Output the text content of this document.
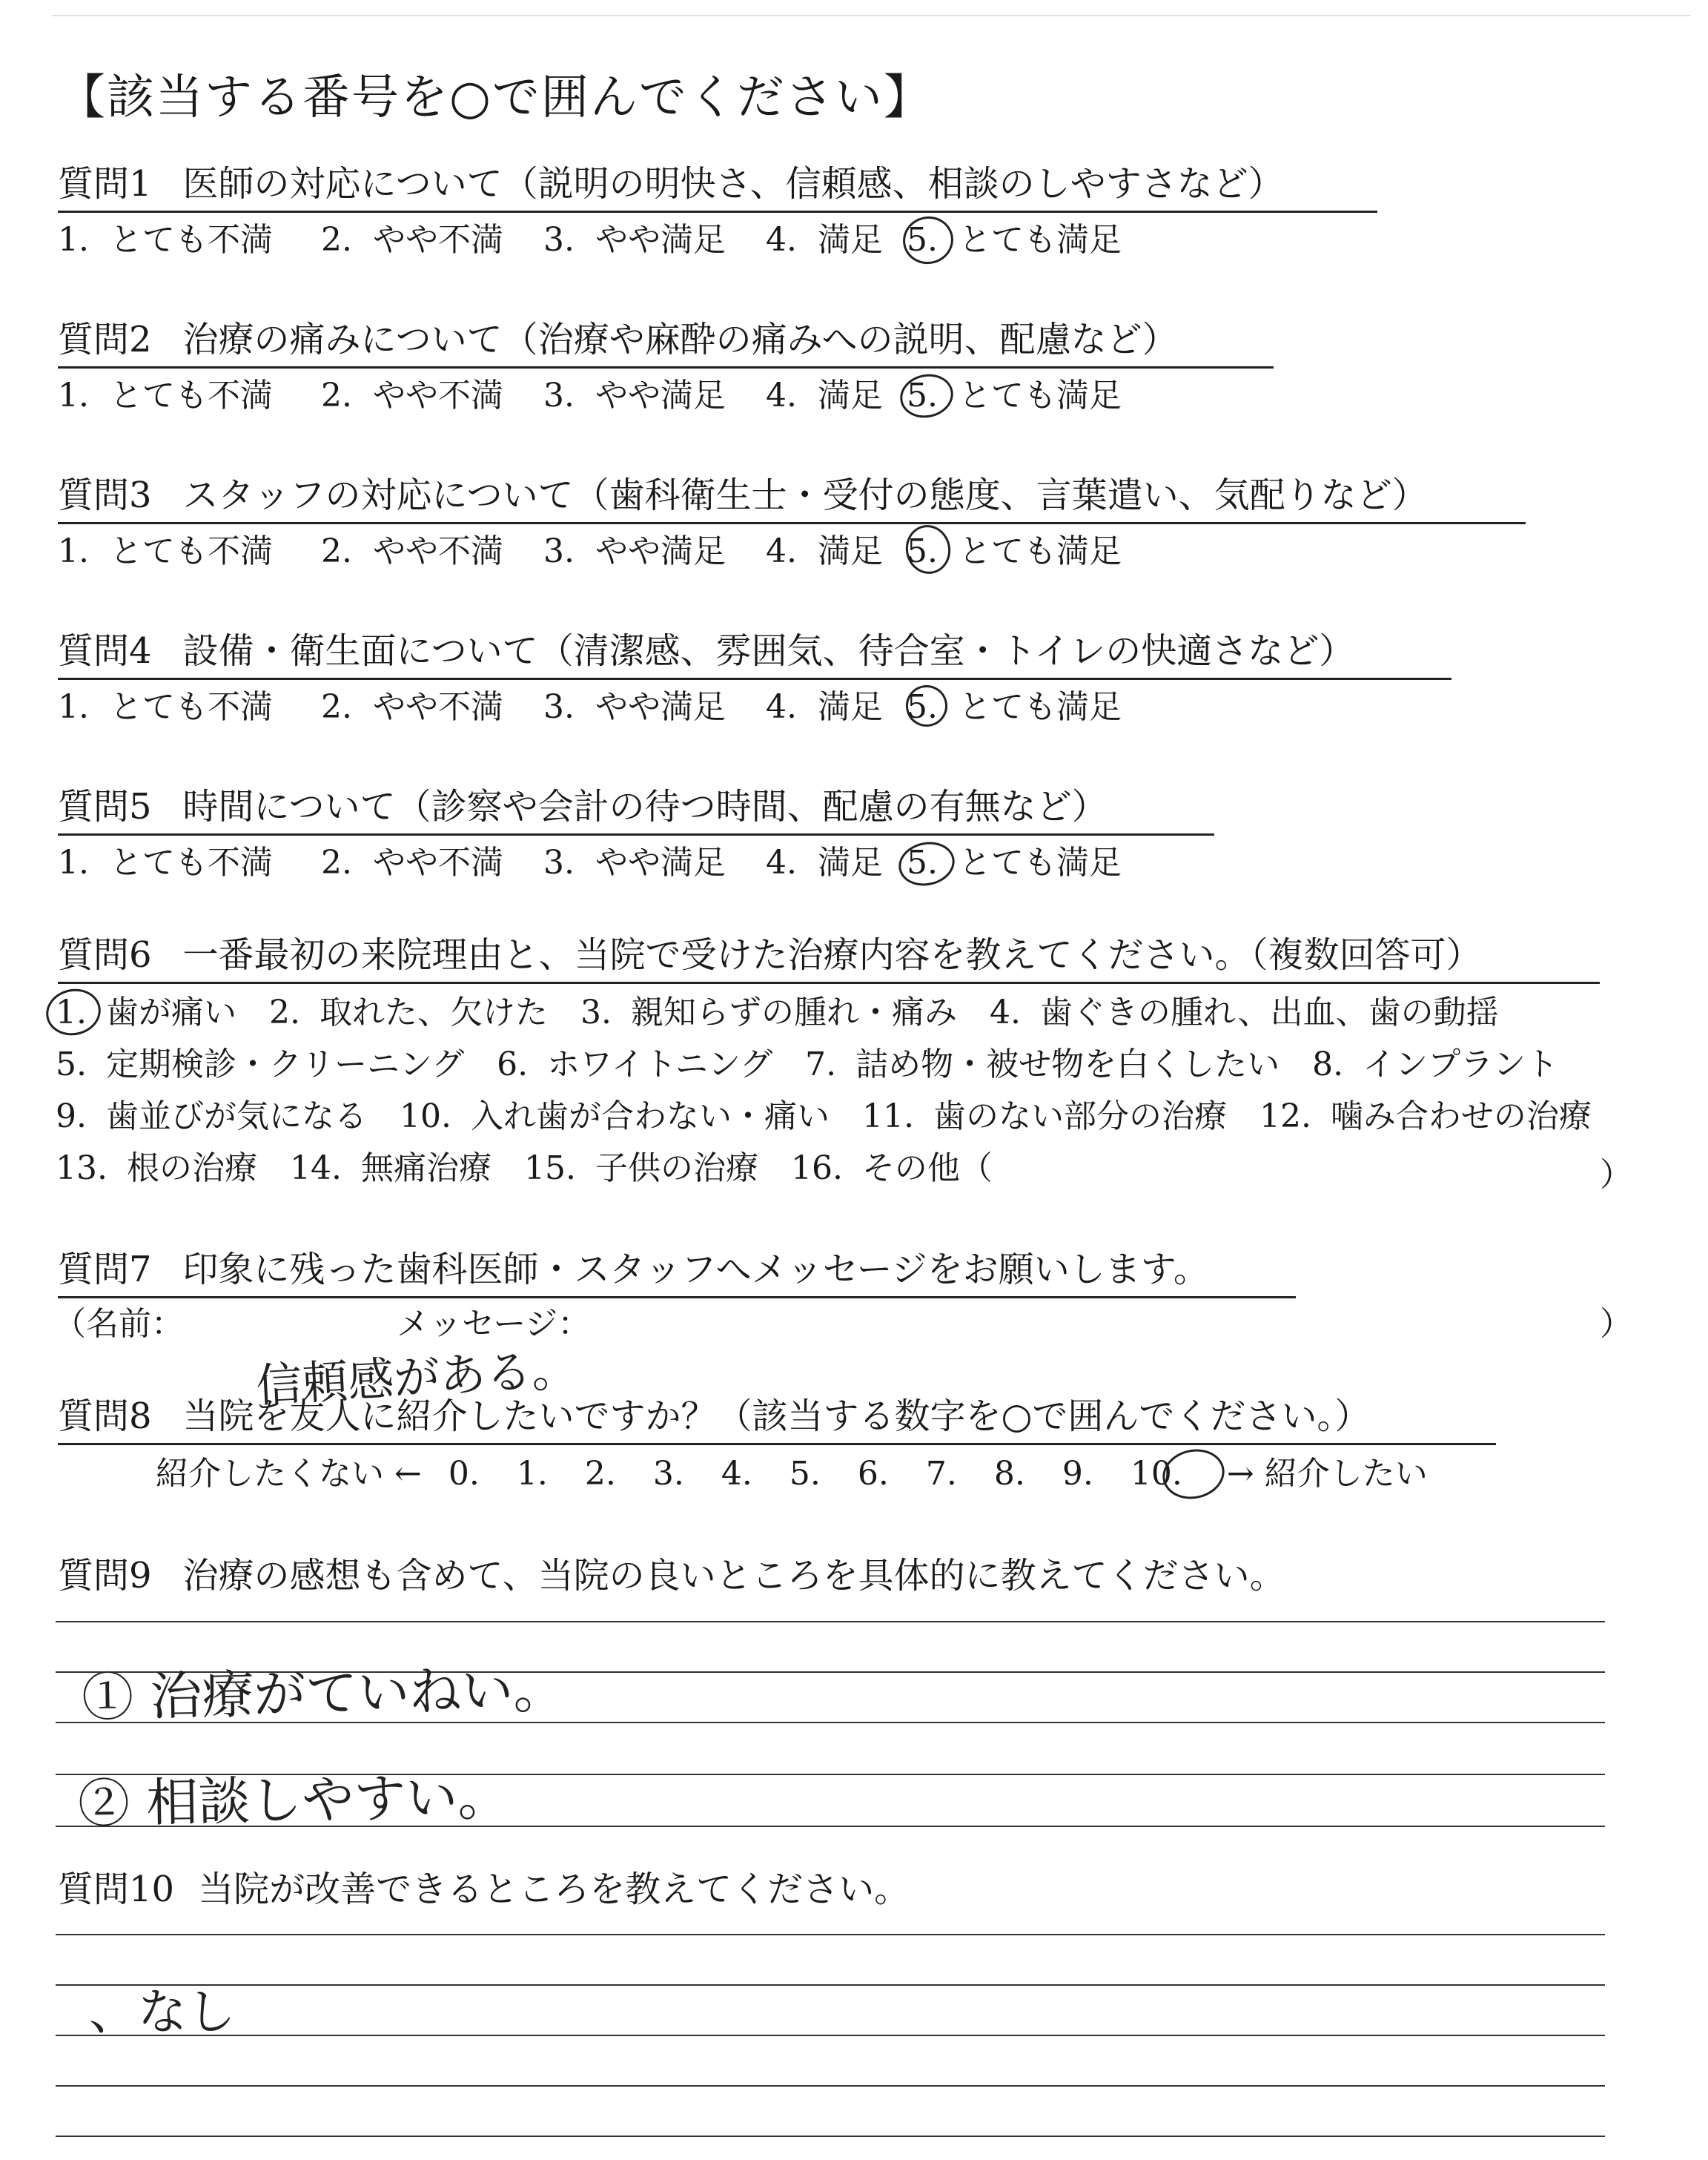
【該当する番号を○で囲んでください】
質問1 医師の対応について（説明の明快さ、信頼感、相談のしやすさなど）
1. とても不満 2. やや不満 3. やや満足 4. 満足 5. とても満足
質問2 治療の痛みについて（治療や麻酔の痛みへの説明、配慮など）
1. とても不満 2. やや不満 3. やや満足 4. 満足 5. とても満足
質問3 スタッフの対応について（歯科衛生士・受付の態度、言葉遣い、気配りなど）
1. とても不満 2. やや不満 3. やや満足 4. 満足 5. とても満足
質問4 設備・衛生面について（清潔感、雰囲気、待合室・トイレの快適さなど）
1. とても不満 2. やや不満 3. やや満足 4. 満足 5. とても満足
質問5 時間について（診察や会計の待つ時間、配慮の有無など）
1. とても不満 2. やや不満 3. やや満足 4. 満足 5. とても満足
質問6 一番最初の来院理由と、当院で受けた治療内容を教えてください。（複数回答可）
1. 歯が痛い 2. 取れた、欠けた 3. 親知らずの腫れ・痛み 4. 歯ぐきの腫れ、出血、歯の動揺
5. 定期検診・クリーニング 6. ホワイトニング 7. 詰め物・被せ物を白くしたい 8. インプラント
9. 歯並びが気になる 10. 入れ歯が合わない・痛い 11. 歯のない部分の治療 12. 噛み合わせの治療
13. 根の治療 14. 無痛治療 15. 子供の治療 16. その他（	）
質問7 印象に残った歯科医師・スタッフへメッセージをお願いします。
（名前：	メッセージ：	）
信頼感がある。
質問8 当院を友人に紹介したいですか？（該当する数字を○で囲んでください。）
紹介したくない ← 0. 1. 2. 3. 4. 5. 6. 7. 8. 9. 10. → 紹介したい
質問9 治療の感想も含めて、当院の良いところを具体的に教えてください。
① 治療がていねい。
② 相談しやすい。
質問10 当院が改善できるところを教えてください。
、なし
